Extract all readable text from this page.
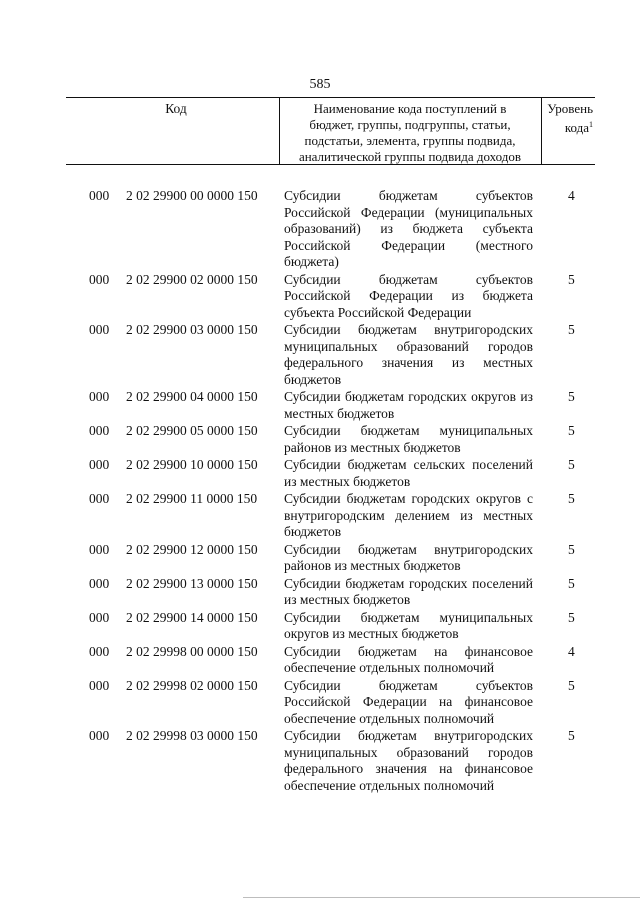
585
Код	Наименование кода поступлений в
бюджет, группы, подгруппы, статьи,
подстатьи, элемента, группы подвида,
аналитической группы подвида доходов
Уровень
кода$^1$
000 2 02 29900 00 0000 150 Субсидии бюджетам субъектов Российской Федерации (муниципальных образований) из бюджета субъекта Российской Федерации (местного бюджета)
4
000 2 02 29900 02 0000 150 Субсидии бюджетам субъектов Российской Федерации из бюджета субъекта Российской Федерации
5
000 2 02 29900 03 0000 150 Субсидии бюджетам внутригородских муниципальных образований городов федерального значения из местных бюджетов
5
000 2 02 29900 04 0000 150 Субсидии бюджетам городских округов из местных бюджетов
5
000 2 02 29900 05 0000 150 Субсидии бюджетам муниципальных районов из местных бюджетов
5
000 2 02 29900 10 0000 150 Субсидии бюджетам сельских поселений из местных бюджетов
5
000 2 02 29900 11 0000 150 Субсидии бюджетам городских округов с внутригородским делением из местных бюджетов
5
000 2 02 29900 12 0000 150 Субсидии бюджетам внутригородских районов из местных бюджетов
5
000 2 02 29900 13 0000 150 Субсидии бюджетам городских поселений из местных бюджетов
5
000 2 02 29900 14 0000 150 Субсидии бюджетам муниципальных округов из местных бюджетов
5
000 2 02 29998 00 0000 150 Субсидии бюджетам на финансовое обеспечение отдельных полномочий
4
000 2 02 29998 02 0000 150 Субсидии бюджетам субъектов Российской Федерации на финансовое обеспечение отдельных полномочий
5
000 2 02 29998 03 0000 150 Субсидии бюджетам внутригородских муниципальных образований городов федерального значения на финансовое обеспечение отдельных полномочий
5
